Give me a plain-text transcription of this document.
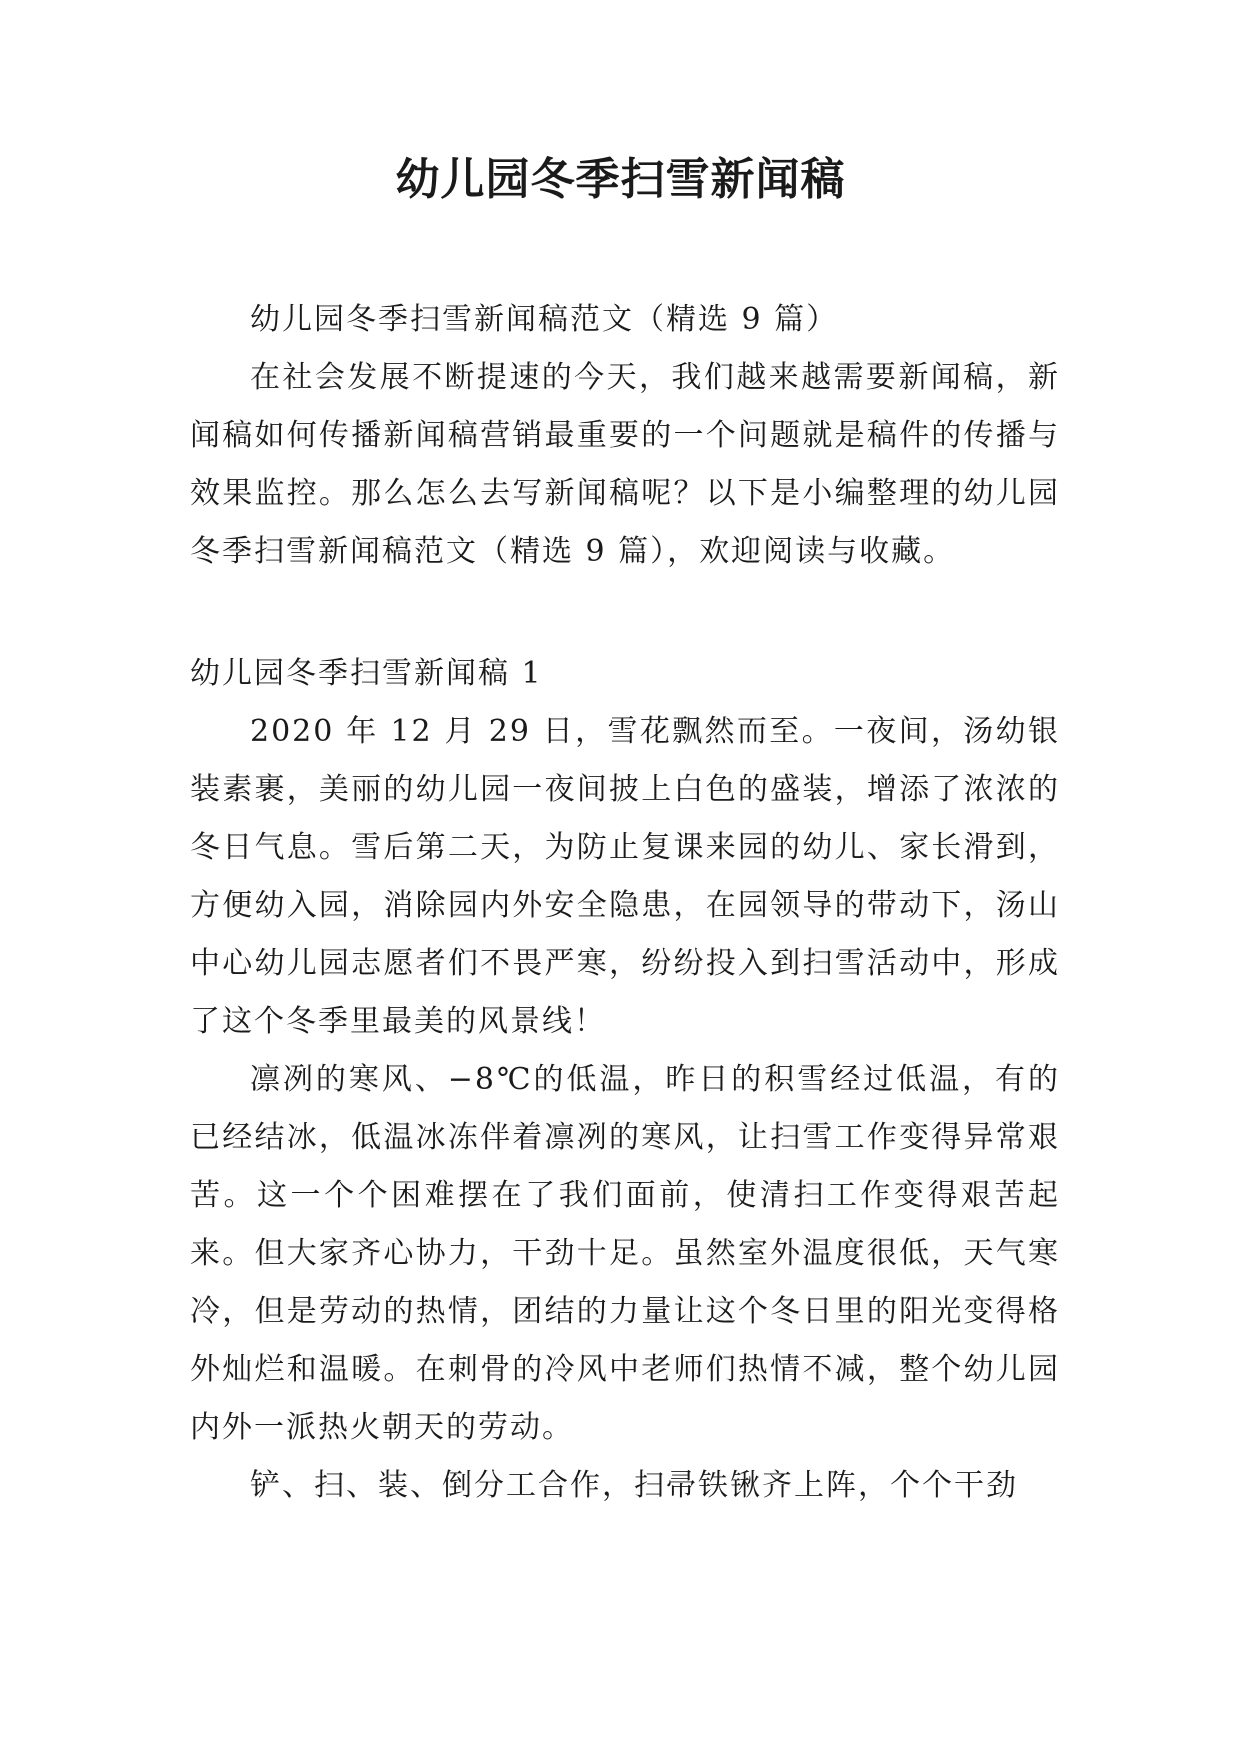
幼儿园冬季扫雪新闻稿

幼儿园冬季扫雪新闻稿范文（精选 9 篇）

在社会发展不断提速的今天，我们越来越需要新闻稿，新闻稿如何传播新闻稿营销最重要的一个问题就是稿件的传播与效果监控。那么怎么去写新闻稿呢？以下是小编整理的幼儿园冬季扫雪新闻稿范文（精选 9 篇），欢迎阅读与收藏。

幼儿园冬季扫雪新闻稿 1

2020 年 12 月 29 日，雪花飘然而至。一夜间，汤幼银装素裹，美丽的幼儿园一夜间披上白色的盛装，增添了浓浓的冬日气息。雪后第二天，为防止复课来园的幼儿、家长滑到，方便幼入园，消除园内外安全隐患，在园领导的带动下，汤山中心幼儿园志愿者们不畏严寒，纷纷投入到扫雪活动中，形成了这个冬季里最美的风景线！

凛冽的寒风、−8℃的低温，昨日的积雪经过低温，有的已经结冰，低温冰冻伴着凛冽的寒风，让扫雪工作变得异常艰苦。这一个个困难摆在了我们面前，使清扫工作变得艰苦起来。但大家齐心协力，干劲十足。虽然室外温度很低，天气寒冷，但是劳动的热情，团结的力量让这个冬日里的阳光变得格外灿烂和温暖。在刺骨的冷风中老师们热情不减，整个幼儿园内外一派热火朝天的劳动。

铲、扫、装、倒分工合作，扫帚铁锹齐上阵，个个干劲
